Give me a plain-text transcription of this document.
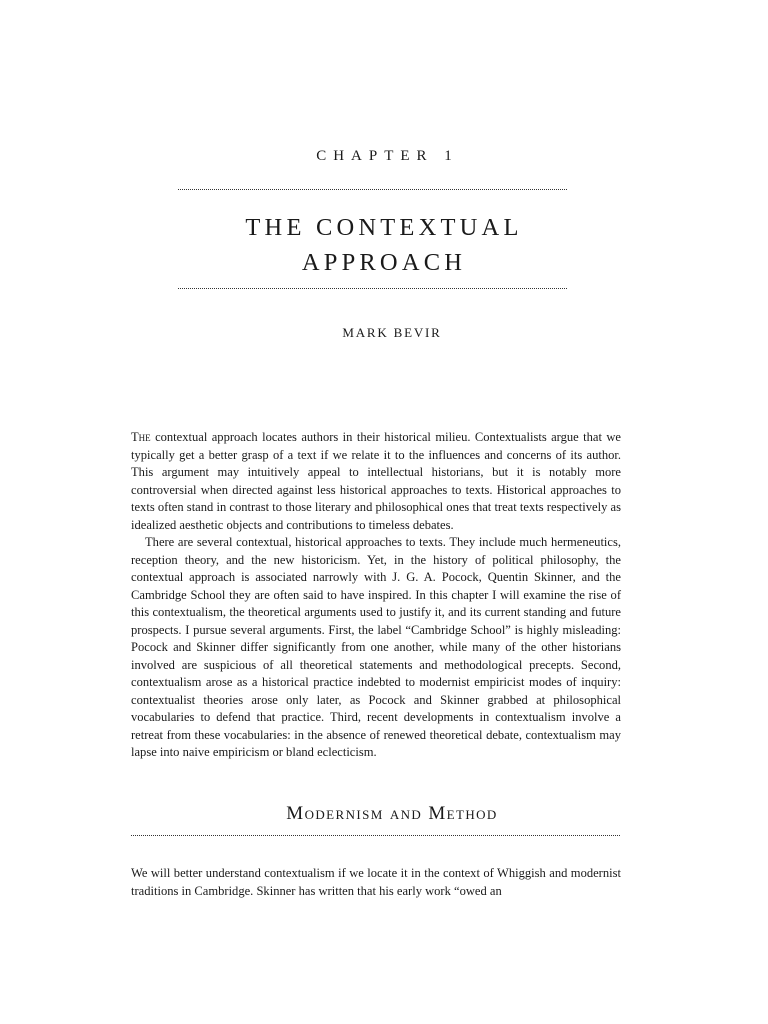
CHAPTER 1
THE CONTEXTUAL
APPROACH
MARK BEVIR

The contextual approach locates authors in their historical milieu. Contextualists argue that we typically get a better grasp of a text if we relate it to the influences and concerns of its author. This argument may intuitively appeal to intellectual historians, but it is notably more controversial when directed against less historical approaches to texts. Historical approaches to texts often stand in contrast to those literary and philosophical ones that treat texts respectively as idealized aesthetic objects and contributions to timeless debates.

There are several contextual, historical approaches to texts. They include much hermeneutics, reception theory, and the new historicism. Yet, in the history of political philosophy, the contextual approach is associated narrowly with J. G. A. Pocock, Quentin Skinner, and the Cambridge School they are often said to have inspired. In this chapter I will examine the rise of this contextualism, the theoretical arguments used to justify it, and its current standing and future prospects. I pursue several arguments. First, the label “Cambridge School” is highly misleading: Pocock and Skinner differ significantly from one another, while many of the other historians involved are suspicious of all theoretical statements and methodological precepts. Second, contextualism arose as a historical practice indebted to modernist empiricist modes of inquiry: contextualist theories arose only later, as Pocock and Skinner grabbed at philosophical vocabularies to defend that practice. Third, recent developments in contextualism involve a retreat from these vocabularies: in the absence of renewed theoretical debate, contextualism may lapse into naive empiricism or bland eclecticism.

Modernism and Method

We will better understand contextualism if we locate it in the context of Whiggish and modernist traditions in Cambridge. Skinner has written that his early work “owed an
